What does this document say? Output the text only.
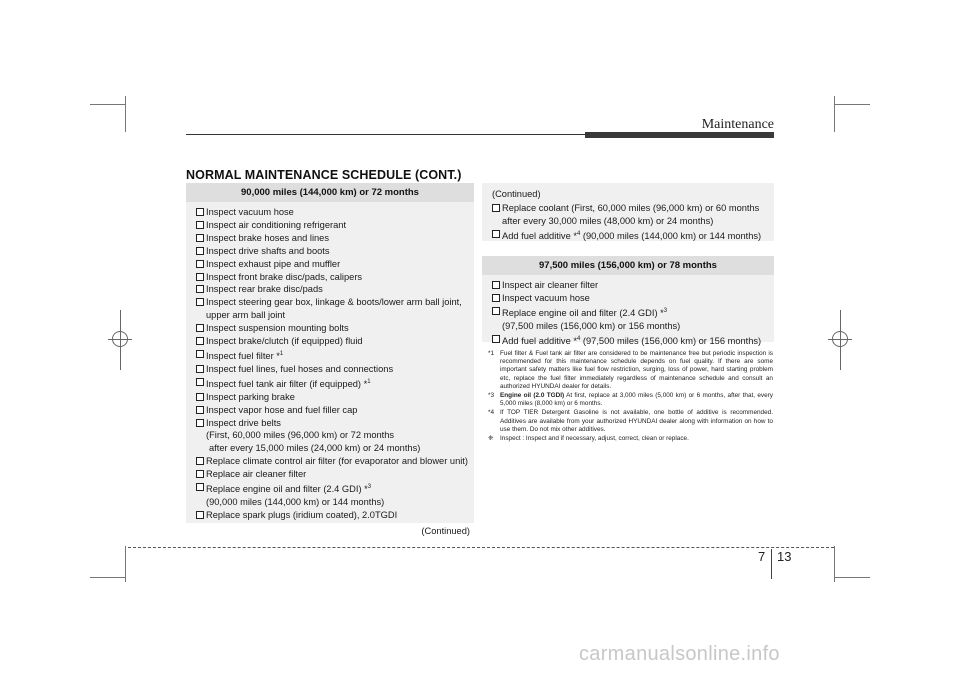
Maintenance
NORMAL MAINTENANCE SCHEDULE (CONT.)
90,000 miles (144,000 km) or 72 months
Inspect vacuum hose
Inspect air conditioning refrigerant
Inspect brake hoses and lines
Inspect drive shafts and boots
Inspect exhaust pipe and muffler
Inspect front brake disc/pads, calipers
Inspect rear brake disc/pads
Inspect steering gear box, linkage & boots/lower arm ball joint,
upper arm ball joint
Inspect suspension mounting bolts
Inspect brake/clutch (if equipped) fluid
Inspect fuel filter *$^1$
Inspect fuel lines, fuel hoses and connections
Inspect fuel tank air filter (if equipped) *$^1$
Inspect parking brake
Inspect vapor hose and fuel filler cap
Inspect drive belts
(First, 60,000 miles (96,000 km) or 72 months
after every 15,000 miles (24,000 km) or 24 months)
Replace climate control air filter (for evaporator and blower unit)
Replace air cleaner filter
Replace engine oil and filter (2.4 GDI) *$^3$
(90,000 miles (144,000 km) or 144 months)
Replace spark plugs (iridium coated), 2.0TGDI
(Continued)
(Continued)
Replace coolant (First, 60,000 miles (96,000 km) or 60 months
after every 30,000 miles (48,000 km) or 24 months)
Add fuel additive *$^4$ (90,000 miles (144,000 km) or 144 months)
97,500 miles (156,000 km) or 78 months
Inspect air cleaner filter
Inspect vacuum hose
Replace engine oil and filter (2.4 GDI) *$^3$
(97,500 miles (156,000 km) or 156 months)
Add fuel additive *$^4$ (97,500 miles (156,000 km) or 156 months)
*1 Fuel filter & Fuel tank air filter are considered to be maintenance free but periodic inspection is recommended for this maintenance schedule depends on fuel quality. If there are some important safety matters like fuel flow restriction, surging, loss of power, hard starting problem etc, replace the fuel filter immediately regardless of maintenance schedule and consult an authorized HYUNDAI dealer for details.
*3 Engine oil (2.0 TGDI) At first, replace at 3,000 miles (5,000 km) or 6 months, after that, every 5,000 miles (8,000 km) or 6 months.
*4 If TOP TIER Detergent Gasoline is not available, one bottle of additive is recommended. Additives are available from your authorized HYUNDAI dealer along with information on how to use them. Do not mix other additives.
❈ Inspect : Inspect and if necessary, adjust, correct, clean or replace.
7 13
carmanualsonline.info
